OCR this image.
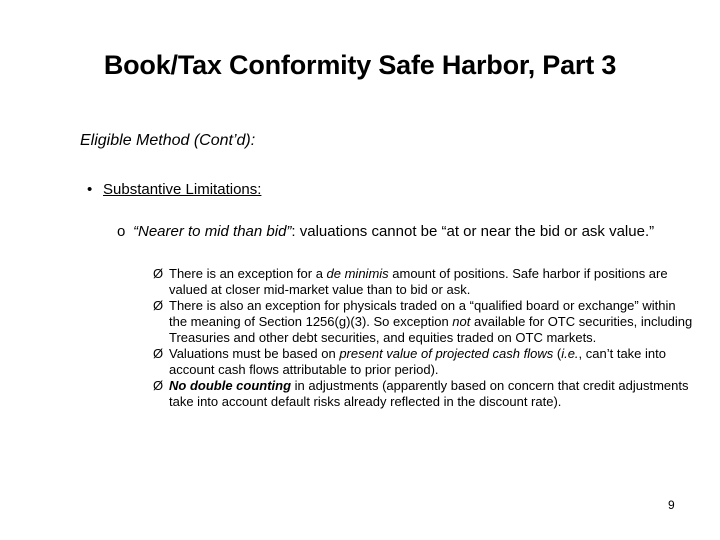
Book/Tax Conformity Safe Harbor, Part 3
Eligible Method (Cont’d):
• Substantive Limitations:
o “Nearer to mid than bid”: valuations cannot be “at or near the bid or ask value.”
Ø There is an exception for a de minimis amount of positions. Safe harbor if positions are valued at closer mid-market value than to bid or ask.
Ø There is also an exception for physicals traded on a “qualified board or exchange” within the meaning of Section 1256(g)(3). So exception not available for OTC securities, including Treasuries and other debt securities, and equities traded on OTC markets.
Ø Valuations must be based on present value of projected cash flows (i.e., can’t take into account cash flows attributable to prior period).
Ø No double counting in adjustments (apparently based on concern that credit adjustments take into account default risks already reflected in the discount rate).
9
